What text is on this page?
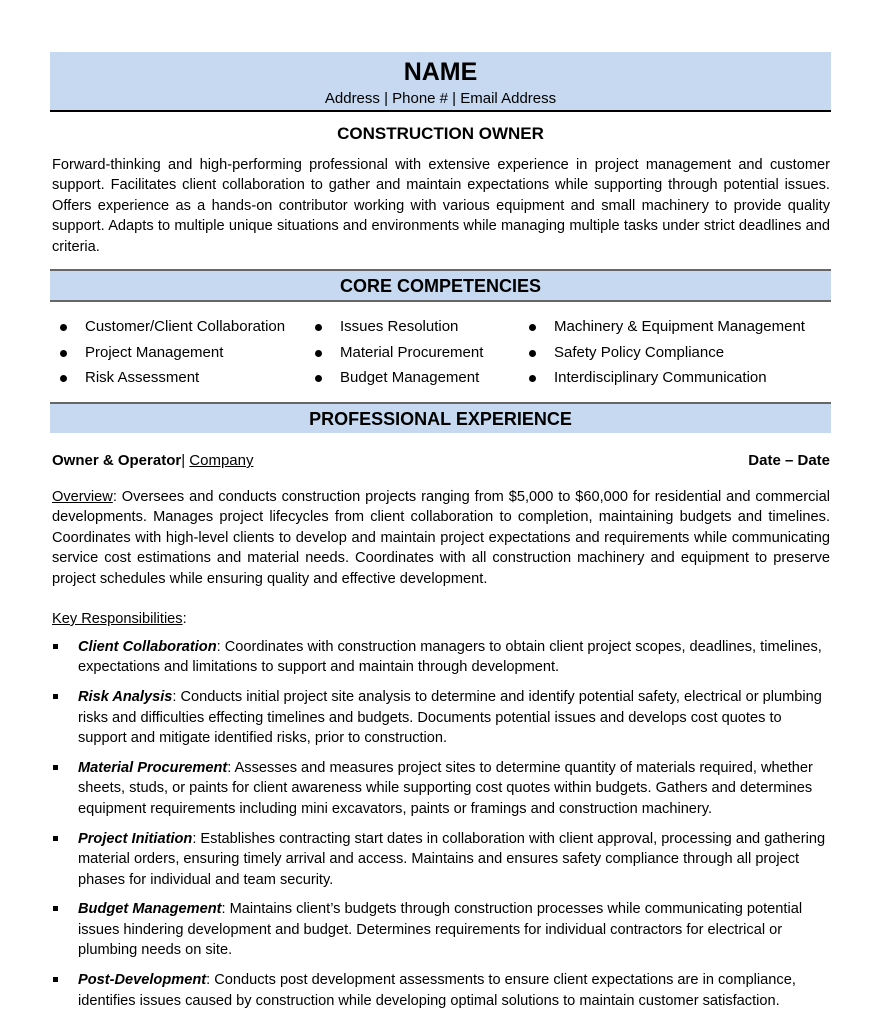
NAME
Address | Phone # | Email Address
CONSTRUCTION OWNER
Forward-thinking and high-performing professional with extensive experience in project management and customer support. Facilitates client collaboration to gather and maintain expectations while supporting through potential issues. Offers experience as a hands-on contributor working with various equipment and small machinery to provide quality support. Adapts to multiple unique situations and environments while managing multiple tasks under strict deadlines and criteria.
CORE COMPETENCIES
Customer/Client Collaboration
Project Management
Risk Assessment
Issues Resolution
Material Procurement
Budget Management
Machinery & Equipment Management
Safety Policy Compliance
Interdisciplinary Communication
PROFESSIONAL EXPERIENCE
Owner & Operator| Company	Date – Date
Overview: Oversees and conducts construction projects ranging from $5,000 to $60,000 for residential and commercial developments. Manages project lifecycles from client collaboration to completion, maintaining budgets and timelines. Coordinates with high-level clients to develop and maintain project expectations and requirements while communicating service cost estimations and material needs. Coordinates with all construction machinery and equipment to preserve project schedules while ensuring quality and effective development.
Key Responsibilities:
Client Collaboration: Coordinates with construction managers to obtain client project scopes, deadlines, timelines, expectations and limitations to support and maintain through development.
Risk Analysis: Conducts initial project site analysis to determine and identify potential safety, electrical or plumbing risks and difficulties effecting timelines and budgets. Documents potential issues and develops cost quotes to support and mitigate identified risks, prior to construction.
Material Procurement: Assesses and measures project sites to determine quantity of materials required, whether sheets, studs, or paints for client awareness while supporting cost quotes within budgets. Gathers and determines equipment requirements including mini excavators, paints or framings and construction machinery.
Project Initiation: Establishes contracting start dates in collaboration with client approval, processing and gathering material orders, ensuring timely arrival and access. Maintains and ensures safety compliance through all project phases for individual and team security.
Budget Management: Maintains client’s budgets through construction processes while communicating potential issues hindering development and budget. Determines requirements for individual contractors for electrical or plumbing needs on site.
Post-Development: Conducts post development assessments to ensure client expectations are in compliance, identifies issues caused by construction while developing optimal solutions to maintain customer satisfaction.
